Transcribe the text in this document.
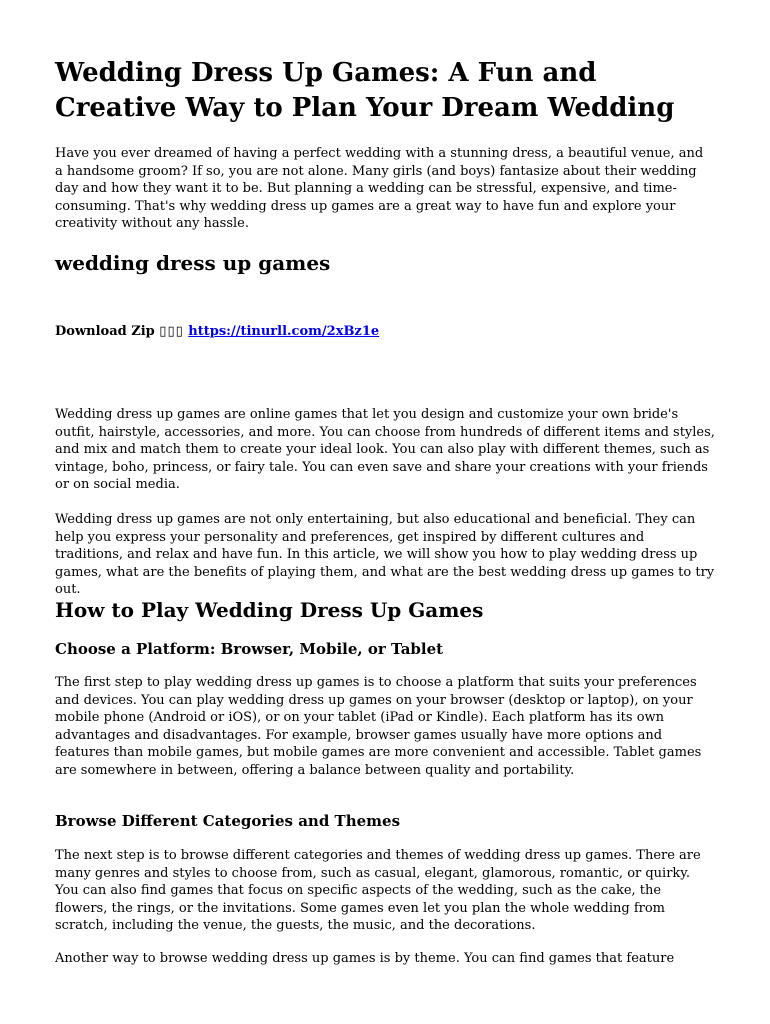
Wedding Dress Up Games: A Fun and Creative Way to Plan Your Dream Wedding

Have you ever dreamed of having a perfect wedding with a stunning dress, a beautiful venue, and a handsome groom? If so, you are not alone. Many girls (and boys) fantasize about their wedding day and how they want it to be. But planning a wedding can be stressful, expensive, and time-consuming. That's why wedding dress up games are a great way to have fun and explore your creativity without any hassle.

wedding dress up games
Download Zip ▯▯▯ https://tinurll.com/2xBz1e

Wedding dress up games are online games that let you design and customize your own bride's outfit, hairstyle, accessories, and more. You can choose from hundreds of different items and styles, and mix and match them to create your ideal look. You can also play with different themes, such as vintage, boho, princess, or fairy tale. You can even save and share your creations with your friends or on social media.

Wedding dress up games are not only entertaining, but also educational and beneficial. They can help you express your personality and preferences, get inspired by different cultures and traditions, and relax and have fun. In this article, we will show you how to play wedding dress up games, what are the benefits of playing them, and what are the best wedding dress up games to try out.

How to Play Wedding Dress Up Games
Choose a Platform: Browser, Mobile, or Tablet

The first step to play wedding dress up games is to choose a platform that suits your preferences and devices. You can play wedding dress up games on your browser (desktop or laptop), on your mobile phone (Android or iOS), or on your tablet (iPad or Kindle). Each platform has its own advantages and disadvantages. For example, browser games usually have more options and features than mobile games, but mobile games are more convenient and accessible. Tablet games are somewhere in between, offering a balance between quality and portability.

Browse Different Categories and Themes

The next step is to browse different categories and themes of wedding dress up games. There are many genres and styles to choose from, such as casual, elegant, glamorous, romantic, or quirky. You can also find games that focus on specific aspects of the wedding, such as the cake, the flowers, the rings, or the invitations. Some games even let you plan the whole wedding from scratch, including the venue, the guests, the music, and the decorations.

Another way to browse wedding dress up games is by theme. You can find games that feature
